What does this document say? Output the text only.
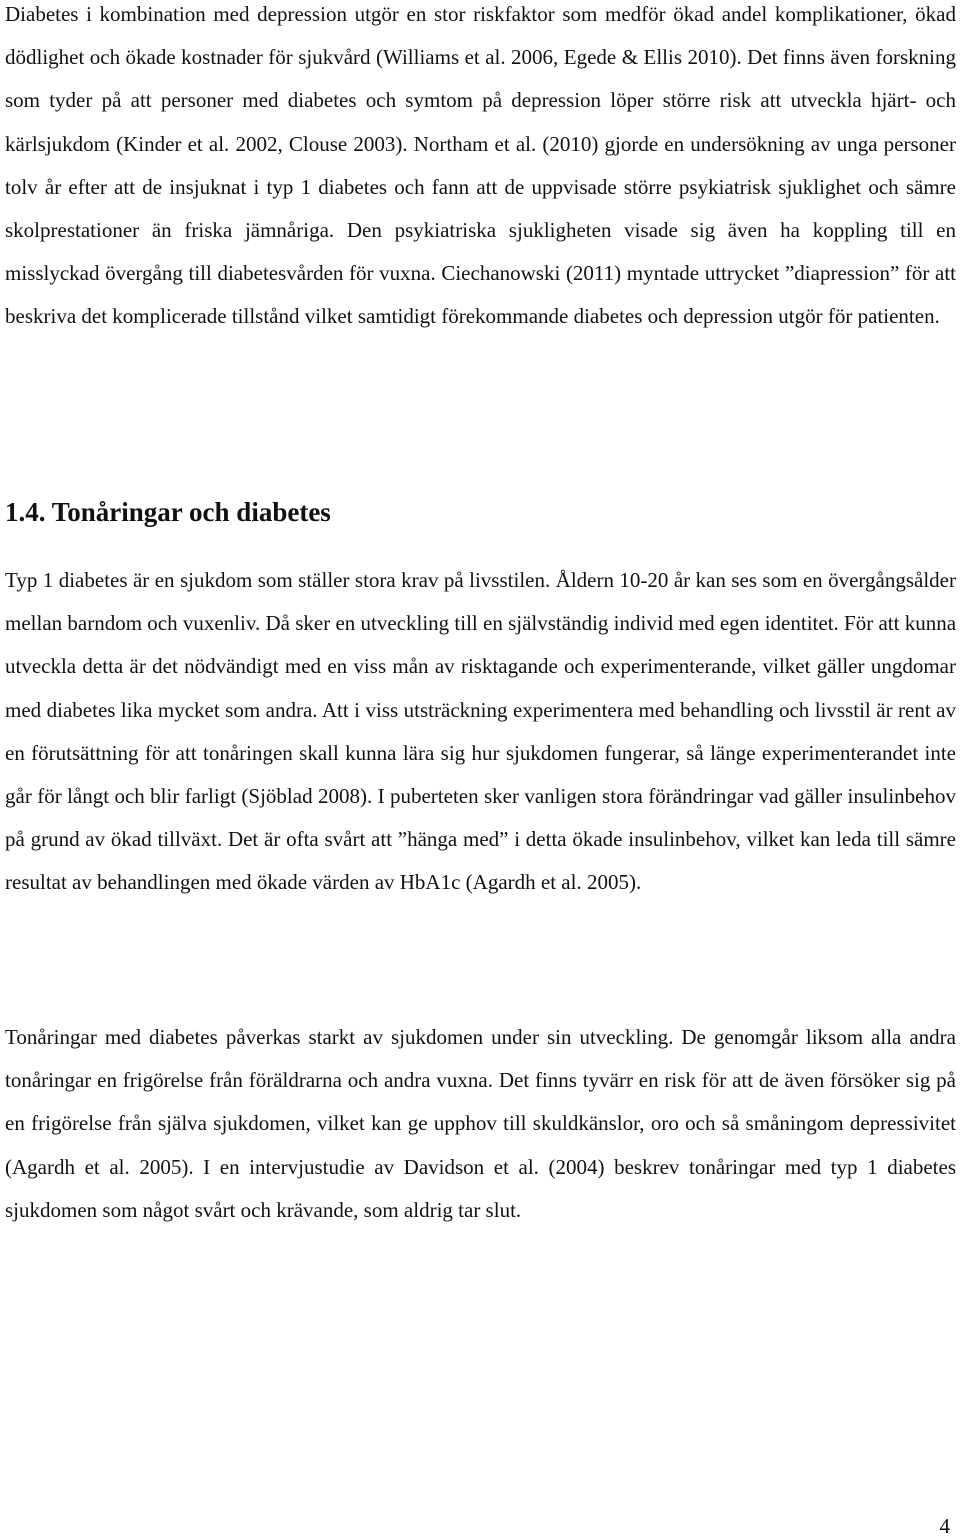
Diabetes i kombination med depression utgör en stor riskfaktor som medför ökad andel komplikationer, ökad dödlighet och ökade kostnader för sjukvård (Williams et al. 2006, Egede & Ellis 2010). Det finns även forskning som tyder på att personer med diabetes och symtom på depression löper större risk att utveckla hjärt- och kärlsjukdom (Kinder et al. 2002, Clouse 2003). Northam et al. (2010) gjorde en undersökning av unga personer tolv år efter att de insjuknat i typ 1 diabetes och fann att de uppvisade större psykiatrisk sjuklighet och sämre skolprestationer än friska jämnåriga. Den psykiatriska sjukligheten visade sig även ha koppling till en misslyckad övergång till diabetesvården för vuxna. Ciechanowski (2011) myntade uttrycket ”diapression” för att beskriva det komplicerade tillstånd vilket samtidigt förekommande diabetes och depression utgör för patienten.

1.4. Tonåringar och diabetes

Typ 1 diabetes är en sjukdom som ställer stora krav på livsstilen. Åldern 10-20 år kan ses som en övergångsålder mellan barndom och vuxenliv. Då sker en utveckling till en självständig individ med egen identitet. För att kunna utveckla detta är det nödvändigt med en viss mån av risktagande och experimenterande, vilket gäller ungdomar med diabetes lika mycket som andra. Att i viss utsträckning experimentera med behandling och livsstil är rent av en förutsättning för att tonåringen skall kunna lära sig hur sjukdomen fungerar, så länge experimenterandet inte går för långt och blir farligt (Sjöblad 2008). I puberteten sker vanligen stora förändringar vad gäller insulinbehov på grund av ökad tillväxt. Det är ofta svårt att ”hänga med” i detta ökade insulinbehov, vilket kan leda till sämre resultat av behandlingen med ökade värden av HbA1c (Agardh et al. 2005).

Tonåringar med diabetes påverkas starkt av sjukdomen under sin utveckling. De genomgår liksom alla andra tonåringar en frigörelse från föräldrarna och andra vuxna. Det finns tyvärr en risk för att de även försöker sig på en frigörelse från själva sjukdomen, vilket kan ge upphov till skuldkänslor, oro och så småningom depressivitet (Agardh et al. 2005). I en intervjustudie av Davidson et al. (2004) beskrev tonåringar med typ 1 diabetes sjukdomen som något svårt och krävande, som aldrig tar slut.

4
